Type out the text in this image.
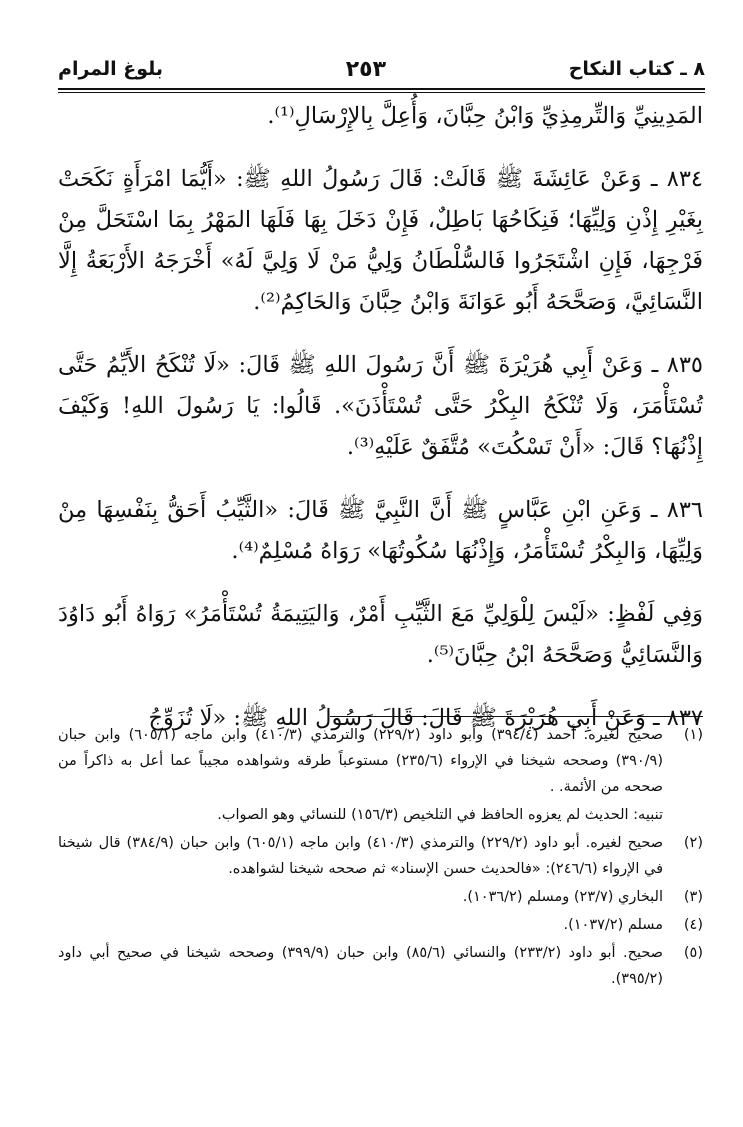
٨ ـ كتاب النكاح
٢٥٣
بلوغ المرام

المَدِينِيِّ وَالتِّرمِذِيِّ وَابْنُ حِبَّانَ، وَأُعِلَّ بِالإِرْسَالِ⁽¹⁾.

٨٣٤ ـ وَعَنْ عَائِشَةَ ﷺ قَالَتْ: قَالَ رَسُولُ اللهِ ﷺ: «أَيُّمَا امْرَأَةٍ نَكَحَتْ بِغَيْرِ إِذْنِ وَلِيِّهَا؛ فَنِكَاحُهَا بَاطِلٌ، فَإِنْ دَخَلَ بِهَا فَلَهَا المَهْرُ بِمَا اسْتَحَلَّ مِنْ فَرْجِهَا، فَإِنِ اشْتَجَرُوا فَالسُّلْطَانُ وَلِيُّ مَنْ لَا وَلِيَّ لَهُ» أَخْرَجَهُ الأَرْبَعَةُ إِلَّا النَّسَائِيَّ، وَصَحَّحَهُ أَبُو عَوَانَةَ وَابْنُ حِبَّانَ وَالحَاكِمُ⁽²⁾.

٨٣٥ ـ وَعَنْ أَبِي هُرَيْرَةَ ﷺ أَنَّ رَسُولَ اللهِ ﷺ قَالَ: «لَا تُنْكَحُ الأَيِّمُ حَتَّى تُسْتَأْمَرَ، وَلَا تُنْكَحُ البِكْرُ حَتَّى تُسْتَأْذَنَ». قَالُوا: يَا رَسُولَ اللهِ! وَكَيْفَ إِذْنُهَا؟ قَالَ: «أَنْ تَسْكُتَ» مُتَّفَقٌ عَلَيْهِ⁽³⁾.

٨٣٦ ـ وَعَنِ ابْنِ عَبَّاسٍ ﷺ أَنَّ النَّبِيَّ ﷺ قَالَ: «الثَّيِّبُ أَحَقُّ بِنَفْسِهَا مِنْ وَلِيِّهَا، وَالبِكْرُ تُسْتَأْمَرُ، وَإِذْنُهَا سُكُوتُهَا» رَوَاهُ مُسْلِمٌ⁽⁴⁾.

وَفِي لَفْظٍ: «لَيْسَ لِلْوَلِيِّ مَعَ الثَّيِّبِ أَمْرٌ، وَاليَتِيمَةُ تُسْتَأْمَرُ» رَوَاهُ أَبُو دَاوُدَ وَالنَّسَائِيُّ وَصَحَّحَهُ ابْنُ حِبَّانَ⁽⁵⁾.

٨٣٧ ـ وَعَنْ أَبِي هُرَيْرَةَ ﷺ قَالَ: قَالَ رَسُولُ اللهِ ﷺ: «لَا تُزَوِّجُ

(١)
صحيح لغيره. أحمد (٣٩٤/٤) وأبو داود (٢٢٩/٢) والترمذي (٤١٠/٣) وابن ماجه (٦٠٥/١) وابن حبان (٣٩٠/٩) وصححه شيخنا في الإرواء (٢٣٥/٦) مستوعباً طرقه وشواهده مجيباً عما أعل به ذاكراً من صححه من الأئمة. .
تنبيه: الحديث لم يعزوه الحافظ في التلخيص (١٥٦/٣) للنسائي وهو الصواب.
(٢)
صحيح لغيره. أبو داود (٢٢٩/٢) والترمذي (٤١٠/٣) وابن ماجه (٦٠٥/١) وابن حبان (٣٨٤/٩) قال شيخنا في الإرواء (٢٤٦/٦): «فالحديث حسن الإسناد» ثم صححه شيخنا لشواهده.
(٣)
البخاري (٢٣/٧) ومسلم (١٠٣٦/٢).
(٤)
مسلم (١٠٣٧/٢).
(٥)
صحيح. أبو داود (٢٣٣/٢) والنسائي (٨٥/٦) وابن حبان (٣٩٩/٩) وصححه شيخنا في صحيح أبي داود (٣٩٥/٢).
